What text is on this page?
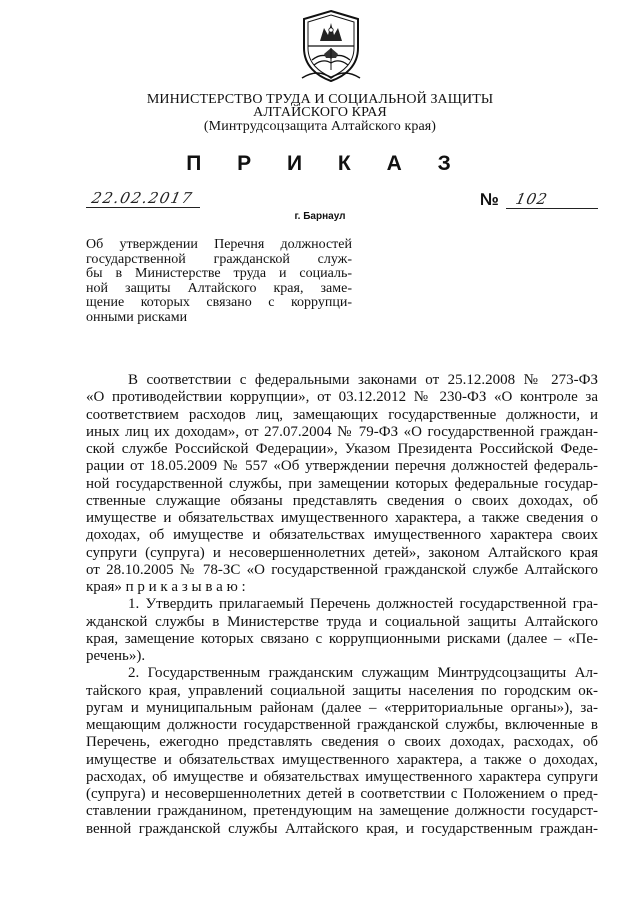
МИНИСТЕРСТВО ТРУДА И СОЦИАЛЬНОЙ ЗАЩИТЫ
АЛТАЙСКОГО КРАЯ
(Минтрудсоцзащита Алтайского края)
П Р И К А З
22.02.2017	№ 102
г. Барнаул
Об утверждении Перечня должностей
государственной гражданской служ-
бы в Министерстве труда и социаль-
ной защиты Алтайского края, заме-
щение которых связано с коррупци-
онными рисками
В соответствии с федеральными законами от 25.12.2008 № 273-ФЗ
«О противодействии коррупции», от 03.12.2012 № 230-ФЗ «О контроле за
соответствием расходов лиц, замещающих государственные должности, и
иных лиц их доходам», от 27.07.2004 № 79-ФЗ «О государственной граждан-
ской службе Российской Федерации», Указом Президента Российской Феде-
рации от 18.05.2009 № 557 «Об утверждении перечня должностей федераль-
ной государственной службы, при замещении которых федеральные государ-
ственные служащие обязаны представлять сведения о своих доходах, об
имуществе и обязательствах имущественного характера, а также сведения о
доходах, об имуществе и обязательствах имущественного характера своих
супруги (супруга) и несовершеннолетних детей», законом Алтайского края
от 28.10.2005 № 78-ЗС «О государственной гражданской службе Алтайского
края» п р и к а з ы в а ю :
1. Утвердить прилагаемый Перечень должностей государственной гра-
жданской службы в Министерстве труда и социальной защиты Алтайского
края, замещение которых связано с коррупционными рисками (далее – «Пе-
речень»).
2. Государственным гражданским служащим Минтрудсоцзащиты Ал-
тайского края, управлений социальной защиты населения по городским ок-
ругам и муниципальным районам (далее – «территориальные органы»), за-
мещающим должности государственной гражданской службы, включенные в
Перечень, ежегодно представлять сведения о своих доходах, расходах, об
имуществе и обязательствах имущественного характера, а также о доходах,
расходах, об имуществе и обязательствах имущественного характера супруги
(супруга) и несовершеннолетних детей в соответствии с Положением о пред-
ставлении гражданином, претендующим на замещение должности государст-
венной гражданской службы Алтайского края, и государственным граждан-
